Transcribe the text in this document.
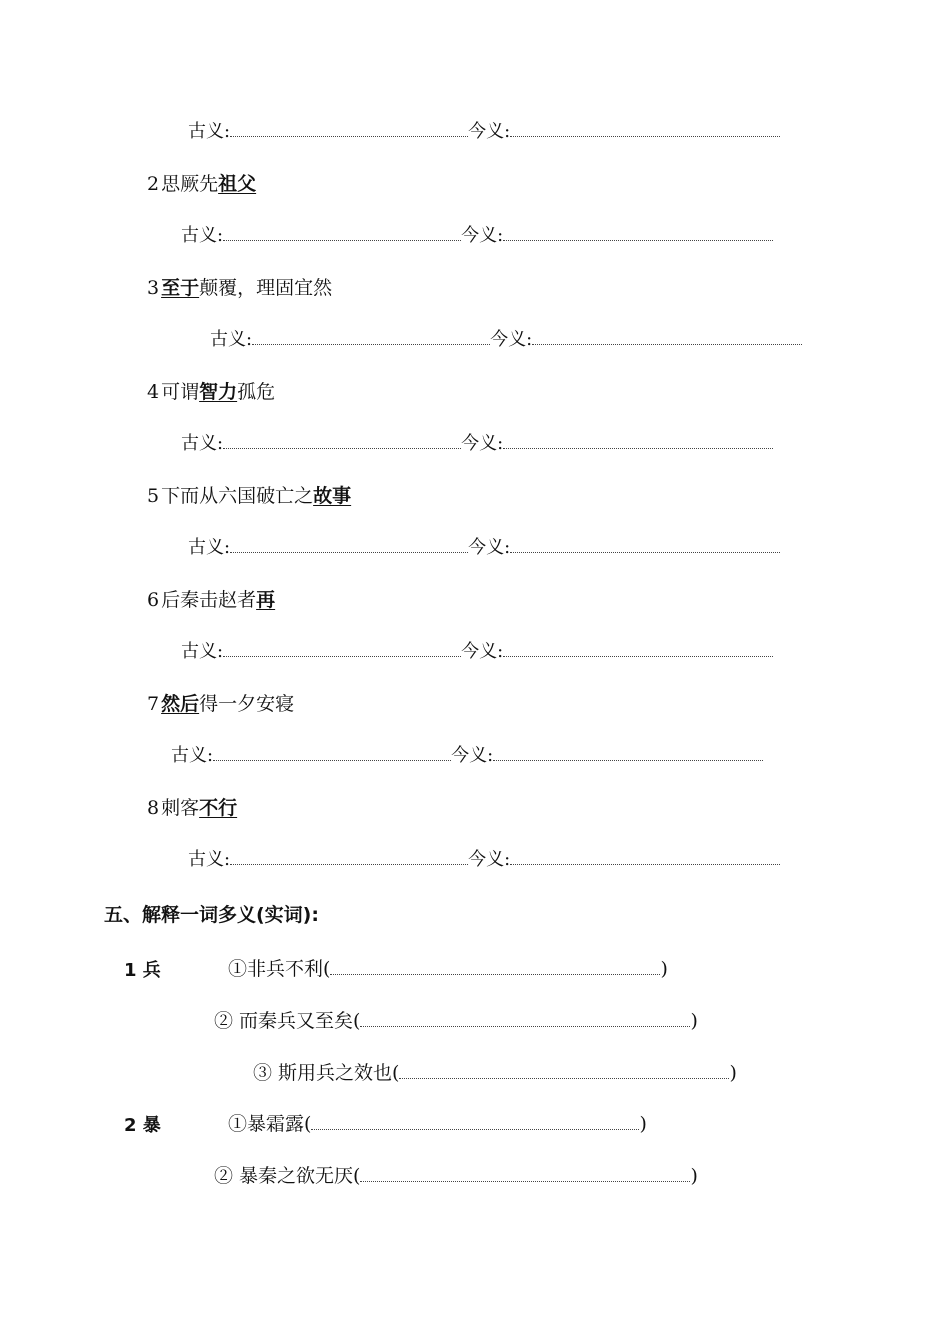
古义:	今义:
2 思厥先祖父
古义:	今义:
3 至于颠覆，理固宜然
古义:	今义:
4 可谓智力孤危
古义:	今义:
5 下而从六国破亡之故事
古义:	今义:
6 后秦击赵者再
古义:	今义:
7 然后得一夕安寝
古义:	今义:
8 刺客不行
古义:	今义:
五、解释一词多义(实词):
1 兵	①非兵不利(	)
② 而秦兵又至矣(	)
③ 斯用兵之效也(	)
2 暴	①暴霜露(	)
② 暴秦之欲无厌(	)
